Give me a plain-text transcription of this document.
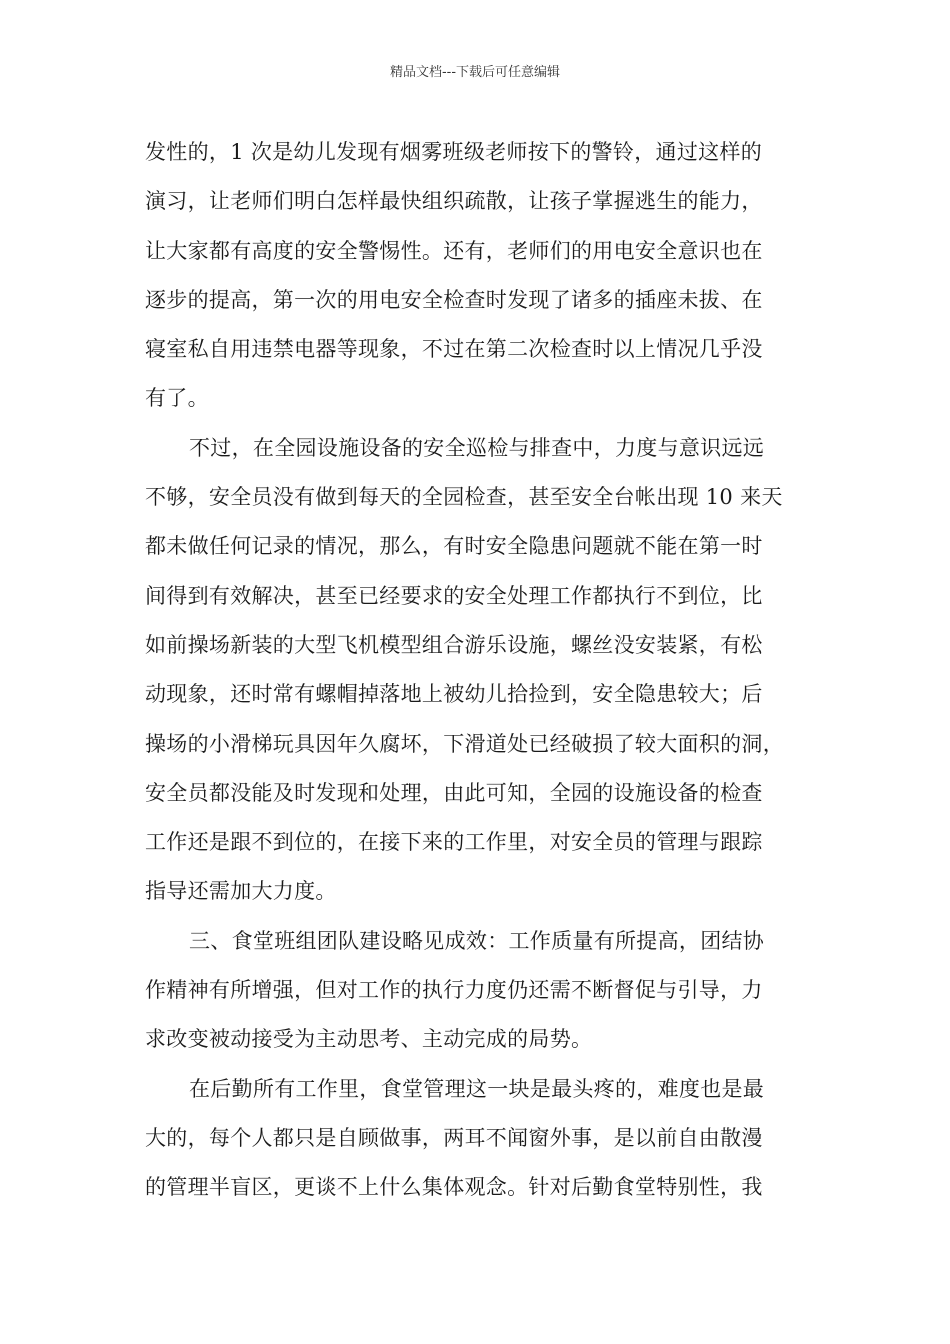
精品文档---下载后可任意编辑
发性的，1 次是幼儿发现有烟雾班级老师按下的警铃，通过这样的
演习，让老师们明白怎样最快组织疏散，让孩子掌握逃生的能力，
让大家都有高度的安全警惕性。还有，老师们的用电安全意识也在
逐步的提高，第一次的用电安全检查时发现了诸多的插座未拔、在
寝室私自用违禁电器等现象，不过在第二次检查时以上情况几乎没
有了。
不过，在全园设施设备的安全巡检与排查中，力度与意识远远
不够，安全员没有做到每天的全园检查，甚至安全台帐出现 10 来天
都未做任何记录的情况，那么，有时安全隐患问题就不能在第一时
间得到有效解决，甚至已经要求的安全处理工作都执行不到位，比
如前操场新装的大型飞机模型组合游乐设施，螺丝没安装紧，有松
动现象，还时常有螺帽掉落地上被幼儿拾捡到，安全隐患较大；后
操场的小滑梯玩具因年久腐坏，下滑道处已经破损了较大面积的洞，
安全员都没能及时发现和处理，由此可知，全园的设施设备的检查
工作还是跟不到位的，在接下来的工作里，对安全员的管理与跟踪
指导还需加大力度。
三、食堂班组团队建设略见成效：工作质量有所提高，团结协
作精神有所增强，但对工作的执行力度仍还需不断督促与引导，力
求改变被动接受为主动思考、主动完成的局势。
在后勤所有工作里，食堂管理这一块是最头疼的，难度也是最
大的，每个人都只是自顾做事，两耳不闻窗外事，是以前自由散漫
的管理半盲区，更谈不上什么集体观念。针对后勤食堂特别性，我
